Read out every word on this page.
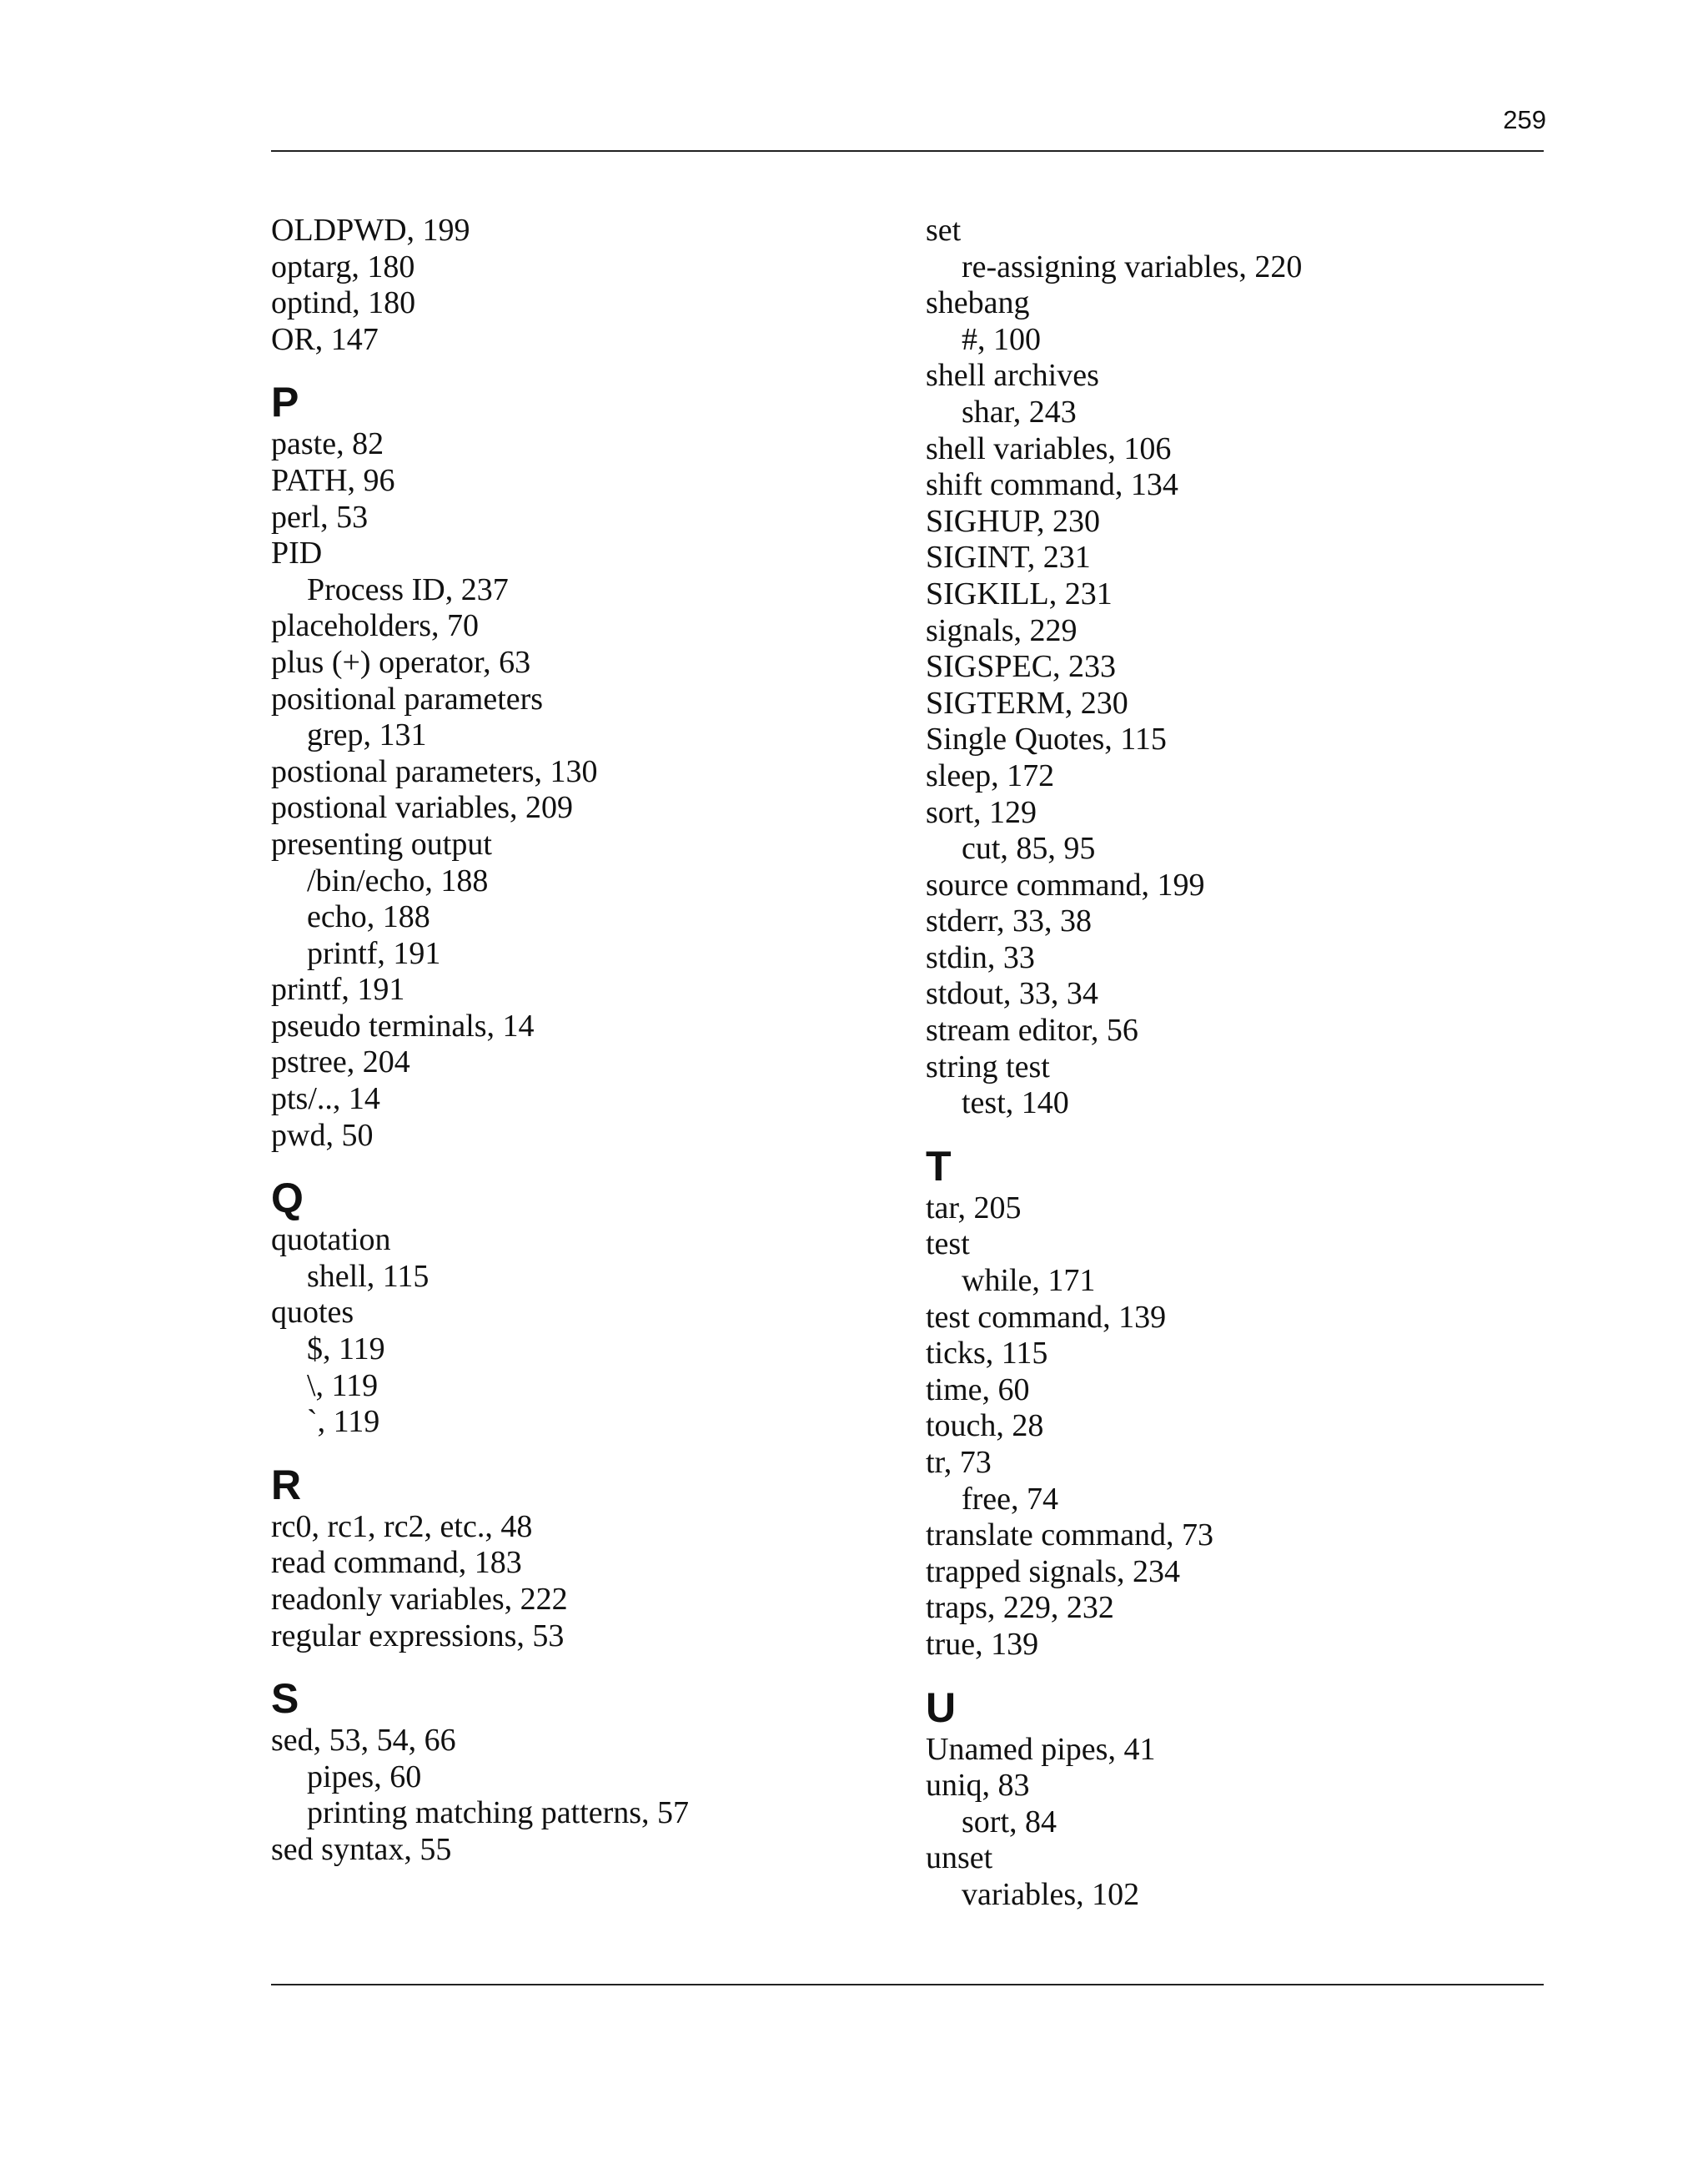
259
OLDPWD, 199
optarg, 180
optind, 180
OR, 147
P
paste, 82
PATH, 96
perl, 53
PID
Process ID, 237
placeholders, 70
plus (+) operator, 63
positional parameters
grep, 131
postional parameters, 130
postional variables, 209
presenting output
/bin/echo, 188
echo, 188
printf, 191
printf, 191
pseudo terminals, 14
pstree, 204
pts/.., 14
pwd, 50
Q
quotation
shell, 115
quotes
$, 119
\, 119
`, 119
R
rc0, rc1, rc2, etc., 48
read command, 183
readonly variables, 222
regular expressions, 53
S
sed, 53, 54, 66
pipes, 60
printing matching patterns, 57
sed syntax, 55
set
re-assigning variables, 220
shebang
#, 100
shell archives
shar, 243
shell variables, 106
shift command, 134
SIGHUP, 230
SIGINT, 231
SIGKILL, 231
signals, 229
SIGSPEC, 233
SIGTERM, 230
Single Quotes, 115
sleep, 172
sort, 129
cut, 85, 95
source command, 199
stderr, 33, 38
stdin, 33
stdout, 33, 34
stream editor, 56
string test
test, 140
T
tar, 205
test
while, 171
test command, 139
ticks, 115
time, 60
touch, 28
tr, 73
free, 74
translate command, 73
trapped signals, 234
traps, 229, 232
true, 139
U
Unamed pipes, 41
uniq, 83
sort, 84
unset
variables, 102
